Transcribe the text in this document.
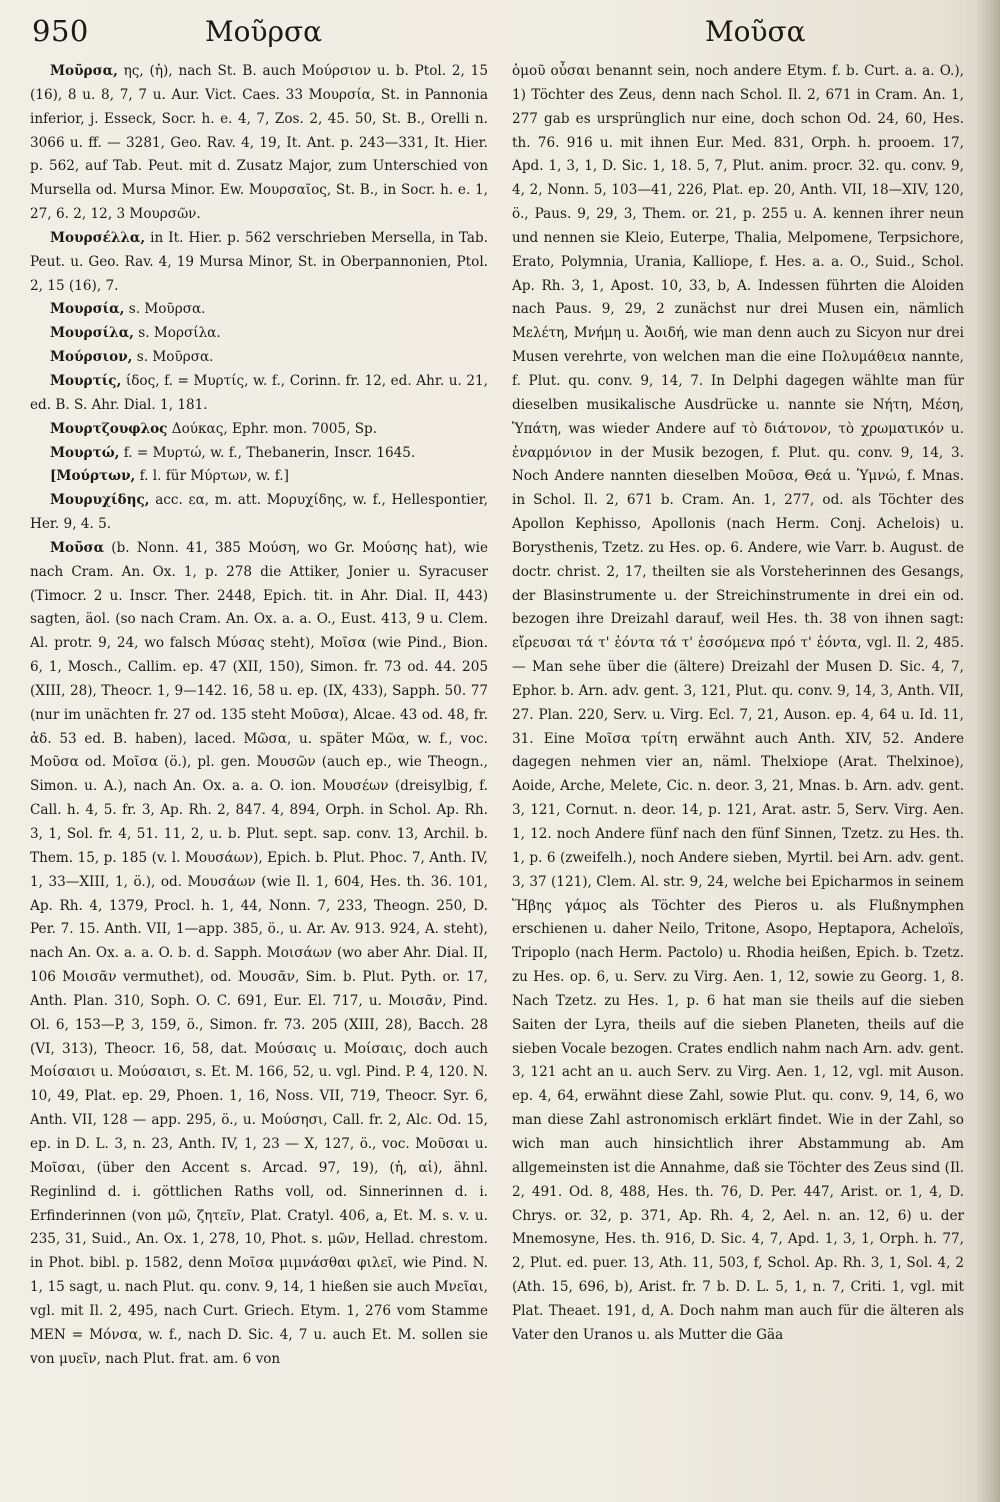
950	Μοῦρσα	Μοῦσα

Μοῦρσα, ης, (ἡ), nach St. B. auch Μούρσιον u. b. Ptol. 2, 15 (16), 8 u. 8, 7, 7 u. Aur. Vict. Caes. 33 Μουρσία, St. in Pannonia inferior, j. Esseck, Socr. h. e. 4, 7, Zos. 2, 45. 50, St. B., Orelli n. 3066 u. ff. — 3281, Geo. Rav. 4, 19, It. Ant. p. 243—331, It. Hier. p. 562, auf Tab. Peut. mit d. Zusatz Major, zum Unterschied von Mursella od. Mursa Minor. Ew. Μουρσαῖος, St. B., in Socr. h. e. 1, 27, 6. 2, 12, 3 Μουρσῶν.

Μουρσέλλα, in It. Hier. p. 562 verschrieben Mersella, in Tab. Peut. u. Geo. Rav. 4, 19 Mursa Minor, St. in Oberpannonien, Ptol. 2, 15 (16), 7.

Μουρσία, s. Μοῦρσα.

Μουρσίλα, s. Μορσίλα.

Μούρσιον, s. Μοῦρσα.

Μουρτίς, ίδος, f. = Μυρτίς, w. f., Corinn. fr. 12, ed. Ahr. u. 21, ed. B. S. Ahr. Dial. 1, 181.

Μουρτζουφλος Δούκας, Ephr. mon. 7005, Sp.

Μουρτώ, f. = Μυρτώ, w. f., Thebanerin, Inscr. 1645.

[Μούρτων, f. l. für Μύρτων, w. f.]

Μουρυχίδης, acc. εα, m. att. Μορυχίδης, w. f., Hellespontier, Her. 9, 4. 5.

Μοῦσα (b. Nonn. 41, 385 Μούση, wo Gr. Μούσης hat), wie nach Cram. An. Ox. 1, p. 278 die Attiker, Jonier u. Syracuser (Timocr. 2 u. Inscr. Ther. 2448, Epich. tit. in Ahr. Dial. II, 443) sagten, äol. (so nach Cram. An. Ox. a. a. O., Eust. 413, 9 u. Clem. Al. protr. 9, 24, wo falsch Μύσας steht), Μοῖσα (wie Pind., Bion. 6, 1, Mosch., Callim. ep. 47 (XII, 150), Simon. fr. 73 od. 44. 205 (XIII, 28), Theocr. 1, 9—142. 16, 58 u. ep. (IX, 433), Sapph. 50. 77 (nur im unächten fr. 27 od. 135 steht Μοῦσα), Alcae. 43 od. 48, fr. ἀδ. 53 ed. B. haben), laced. Μῶσα, u. später Μῶα, w. f., voc. Μοῦσα od. Μοῖσα (ö.), pl. gen. Μουσῶν (auch ep., wie Theogn., Simon. u. A.), nach An. Ox. a. a. O. ion. Μουσέων (dreisylbig, f. Call. h. 4, 5. fr. 3, Ap. Rh. 2, 847. 4, 894, Orph. in Schol. Ap. Rh. 3, 1, Sol. fr. 4, 51. 11, 2, u. b. Plut. sept. sap. conv. 13, Archil. b. Them. 15, p. 185 (v. l. Μουσάων), Epich. b. Plut. Phoc. 7, Anth. IV, 1, 33—XIII, 1, ö.), od. Μουσάων (wie Il. 1, 604, Hes. th. 36. 101, Ap. Rh. 4, 1379, Procl. h. 1, 44, Nonn. 7, 233, Theogn. 250, D. Per. 7. 15. Anth. VII, 1—app. 385, ö., u. Ar. Av. 913. 924, A. steht), nach An. Ox. a. a. O. b. d. Sapph. Μοισάων (wo aber Ahr. Dial. II, 106 Μοισᾶν vermuthet), od. Μουσᾶν, Sim. b. Plut. Pyth. or. 17, Anth. Plan. 310, Soph. O. C. 691, Eur. El. 717, u. Μοισᾶν, Pind. Ol. 6, 153—P, 3, 159, ö., Simon. fr. 73. 205 (XIII, 28), Bacch. 28 (VI, 313), Theocr. 16, 58, dat. Μούσαις u. Μοίσαις, doch auch Μοίσαισι u. Μούσαισι, s. Et. M. 166, 52, u. vgl. Pind. P. 4, 120. N. 10, 49, Plat. ep. 29, Phoen. 1, 16, Noss. VII, 719, Theocr. Syr. 6, Anth. VII, 128 — app. 295, ö., u. Μούσησι, Call. fr. 2, Alc. Od. 15, ep. in D. L. 3, n. 23, Anth. IV, 1, 23 — X, 127, ö., voc. Μοῦσαι u. Μοῖσαι, (über den Accent s. Arcad. 97, 19), (ἡ, αἱ), ähnl. Reginlind d. i. göttlichen Raths voll, od. Sinnerinnen d. i. Erfinderinnen (von μῶ, ζητεῖν, Plat. Cratyl. 406, a, Et. M. s. v. u. 235, 31, Suid., An. Ox. 1, 278, 10, Phot. s. μῶν, Hellad. chrestom. in Phot. bibl. p. 1582, denn Μοῖσα μιμνάσθαι φιλεῖ, wie Pind. N. 1, 15 sagt, u. nach Plut. qu. conv. 9, 14, 1 hießen sie auch Μνεῖαι, vgl. mit Il. 2, 495, nach Curt. Griech. Etym. 1, 276 vom Stamme MEN = Μόνσα, w. f., nach D. Sic. 4, 7 u. auch Et. M. sollen sie von μυεῖν, nach Plut. frat. am. 6 von

ὁμοῦ οὖσαι benannt sein, noch andere Etym. f. b. Curt. a. a. O.), 1) Töchter des Zeus, denn nach Schol. Il. 2, 671 in Cram. An. 1, 277 gab es ursprünglich nur eine, doch schon Od. 24, 60, Hes. th. 76. 916 u. mit ihnen Eur. Med. 831, Orph. h. prooem. 17, Apd. 1, 3, 1, D. Sic. 1, 18. 5, 7, Plut. anim. procr. 32. qu. conv. 9, 4, 2, Nonn. 5, 103—41, 226, Plat. ep. 20, Anth. VII, 18—XIV, 120, ö., Paus. 9, 29, 3, Them. or. 21, p. 255 u. A. kennen ihrer neun und nennen sie Kleio, Euterpe, Thalia, Melpomene, Terpsichore, Erato, Polymnia, Urania, Kalliope, f. Hes. a. a. O., Suid., Schol. Ap. Rh. 3, 1, Apost. 10, 33, b, A. Indessen führten die Aloiden nach Paus. 9, 29, 2 zunächst nur drei Musen ein, nämlich Μελέτη, Μνήμη u. Ἀοιδή, wie man denn auch zu Sicyon nur drei Musen verehrte, von welchen man die eine Πολυμάθεια nannte, f. Plut. qu. conv. 9, 14, 7. In Delphi dagegen wählte man für dieselben musikalische Ausdrücke u. nannte sie Νήτη, Μέση, Ὑπάτη, was wieder Andere auf τὸ διάτονον, τὸ χρωματικόν u. ἐναρμόνιον in der Musik bezogen, f. Plut. qu. conv. 9, 14, 3. Noch Andere nannten dieselben Μοῦσα, Θεά u. Ὑμνώ, f. Mnas. in Schol. Il. 2, 671 b. Cram. An. 1, 277, od. als Töchter des Apollon Kephisso, Apollonis (nach Herm. Conj. Achelois) u. Borysthenis, Tzetz. zu Hes. op. 6. Andere, wie Varr. b. August. de doctr. christ. 2, 17, theilten sie als Vorsteherinnen des Gesangs, der Blasinstrumente u. der Streichinstrumente in drei ein od. bezogen ihre Dreizahl darauf, weil Hes. th. 38 von ihnen sagt: εἴρευσαι τά τ' ἐόντα τά τ' ἐσσόμενα πρό τ' ἐόντα, vgl. Il. 2, 485. — Man sehe über die (ältere) Dreizahl der Musen D. Sic. 4, 7, Ephor. b. Arn. adv. gent. 3, 121, Plut. qu. conv. 9, 14, 3, Anth. VII, 27. Plan. 220, Serv. u. Virg. Ecl. 7, 21, Auson. ep. 4, 64 u. Id. 11, 31. Eine Μοῖσα τρίτη erwähnt auch Anth. XIV, 52. Andere dagegen nehmen vier an, näml. Thelxiope (Arat. Thelxinoe), Aoide, Arche, Melete, Cic. n. deor. 3, 21, Mnas. b. Arn. adv. gent. 3, 121, Cornut. n. deor. 14, p. 121, Arat. astr. 5, Serv. Virg. Aen. 1, 12. noch Andere fünf nach den fünf Sinnen, Tzetz. zu Hes. th. 1, p. 6 (zweifelh.), noch Andere sieben, Myrtil. bei Arn. adv. gent. 3, 37 (121), Clem. Al. str. 9, 24, welche bei Epicharmos in seinem Ἥβης γάμος als Töchter des Pieros u. als Flußnymphen erschienen u. daher Neilo, Tritone, Asopo, Heptapora, Acheloïs, Tripoplo (nach Herm. Pactolo) u. Rhodia heißen, Epich. b. Tzetz. zu Hes. op. 6, u. Serv. zu Virg. Aen. 1, 12, sowie zu Georg. 1, 8. Nach Tzetz. zu Hes. 1, p. 6 hat man sie theils auf die sieben Saiten der Lyra, theils auf die sieben Planeten, theils auf die sieben Vocale bezogen. Crates endlich nahm nach Arn. adv. gent. 3, 121 acht an u. auch Serv. zu Virg. Aen. 1, 12, vgl. mit Auson. ep. 4, 64, erwähnt diese Zahl, sowie Plut. qu. conv. 9, 14, 6, wo man diese Zahl astronomisch erklärt findet. Wie in der Zahl, so wich man auch hinsichtlich ihrer Abstammung ab. Am allgemeinsten ist die Annahme, daß sie Töchter des Zeus sind (Il. 2, 491. Od. 8, 488, Hes. th. 76, D. Per. 447, Arist. or. 1, 4, D. Chrys. or. 32, p. 371, Ap. Rh. 4, 2, Ael. n. an. 12, 6) u. der Mnemosyne, Hes. th. 916, D. Sic. 4, 7, Apd. 1, 3, 1, Orph. h. 77, 2, Plut. ed. puer. 13, Ath. 11, 503, f, Schol. Ap. Rh. 3, 1, Sol. 4, 2 (Ath. 15, 696, b), Arist. fr. 7 b. D. L. 5, 1, n. 7, Criti. 1, vgl. mit Plat. Theaet. 191, d, A. Doch nahm man auch für die älteren als Vater den Uranos u. als Mutter die Gäa
